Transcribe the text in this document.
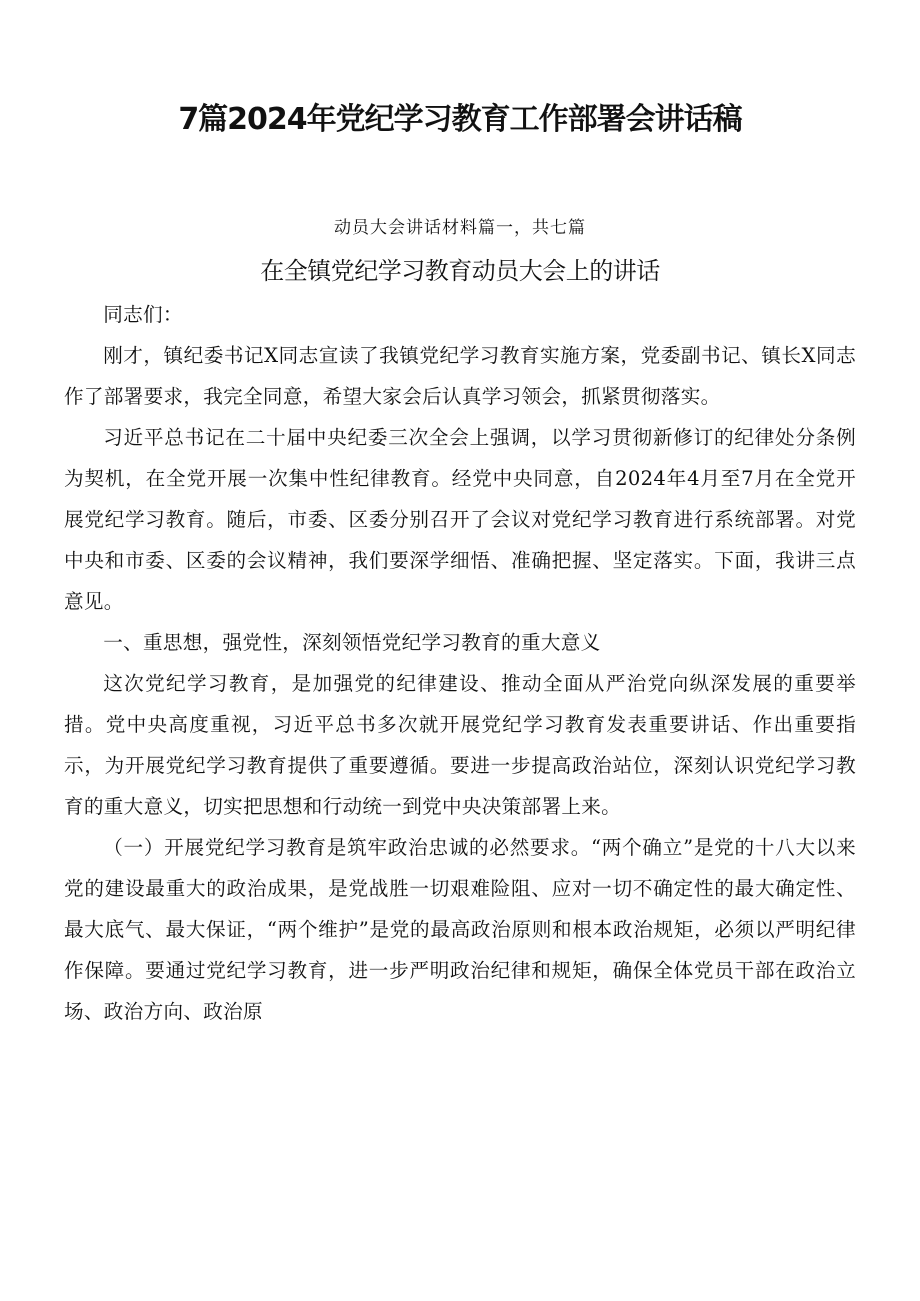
7篇2024年党纪学习教育工作部署会讲话稿
动员大会讲话材料篇一，共七篇
在全镇党纪学习教育动员大会上的讲话

同志们：

刚才，镇纪委书记X同志宣读了我镇党纪学习教育实施方案，党委副书记、镇长X同志作了部署要求，我完全同意，希望大家会后认真学习领会，抓紧贯彻落实。

习近平总书记在二十届中央纪委三次全会上强调，以学习贯彻新修订的纪律处分条例为契机，在全党开展一次集中性纪律教育。经党中央同意，自2024年4月至7月在全党开展党纪学习教育。随后，市委、区委分别召开了会议对党纪学习教育进行系统部署。对党中央和市委、区委的会议精神，我们要深学细悟、准确把握、坚定落实。下面，我讲三点意见。

一、重思想，强党性，深刻领悟党纪学习教育的重大意义

这次党纪学习教育，是加强党的纪律建设、推动全面从严治党向纵深发展的重要举措。党中央高度重视，习近平总书多次就开展党纪学习教育发表重要讲话、作出重要指示，为开展党纪学习教育提供了重要遵循。要进一步提高政治站位，深刻认识党纪学习教育的重大意义，切实把思想和行动统一到党中央决策部署上来。

（一）开展党纪学习教育是筑牢政治忠诚的必然要求。“两个确立”是党的十八大以来党的建设最重大的政治成果，是党战胜一切艰难险阻、应对一切不确定性的最大确定性、最大底气、最大保证，“两个维护”是党的最高政治原则和根本政治规矩，必须以严明纪律作保障。要通过党纪学习教育，进一步严明政治纪律和规矩，确保全体党员干部在政治立场、政治方向、政治原
